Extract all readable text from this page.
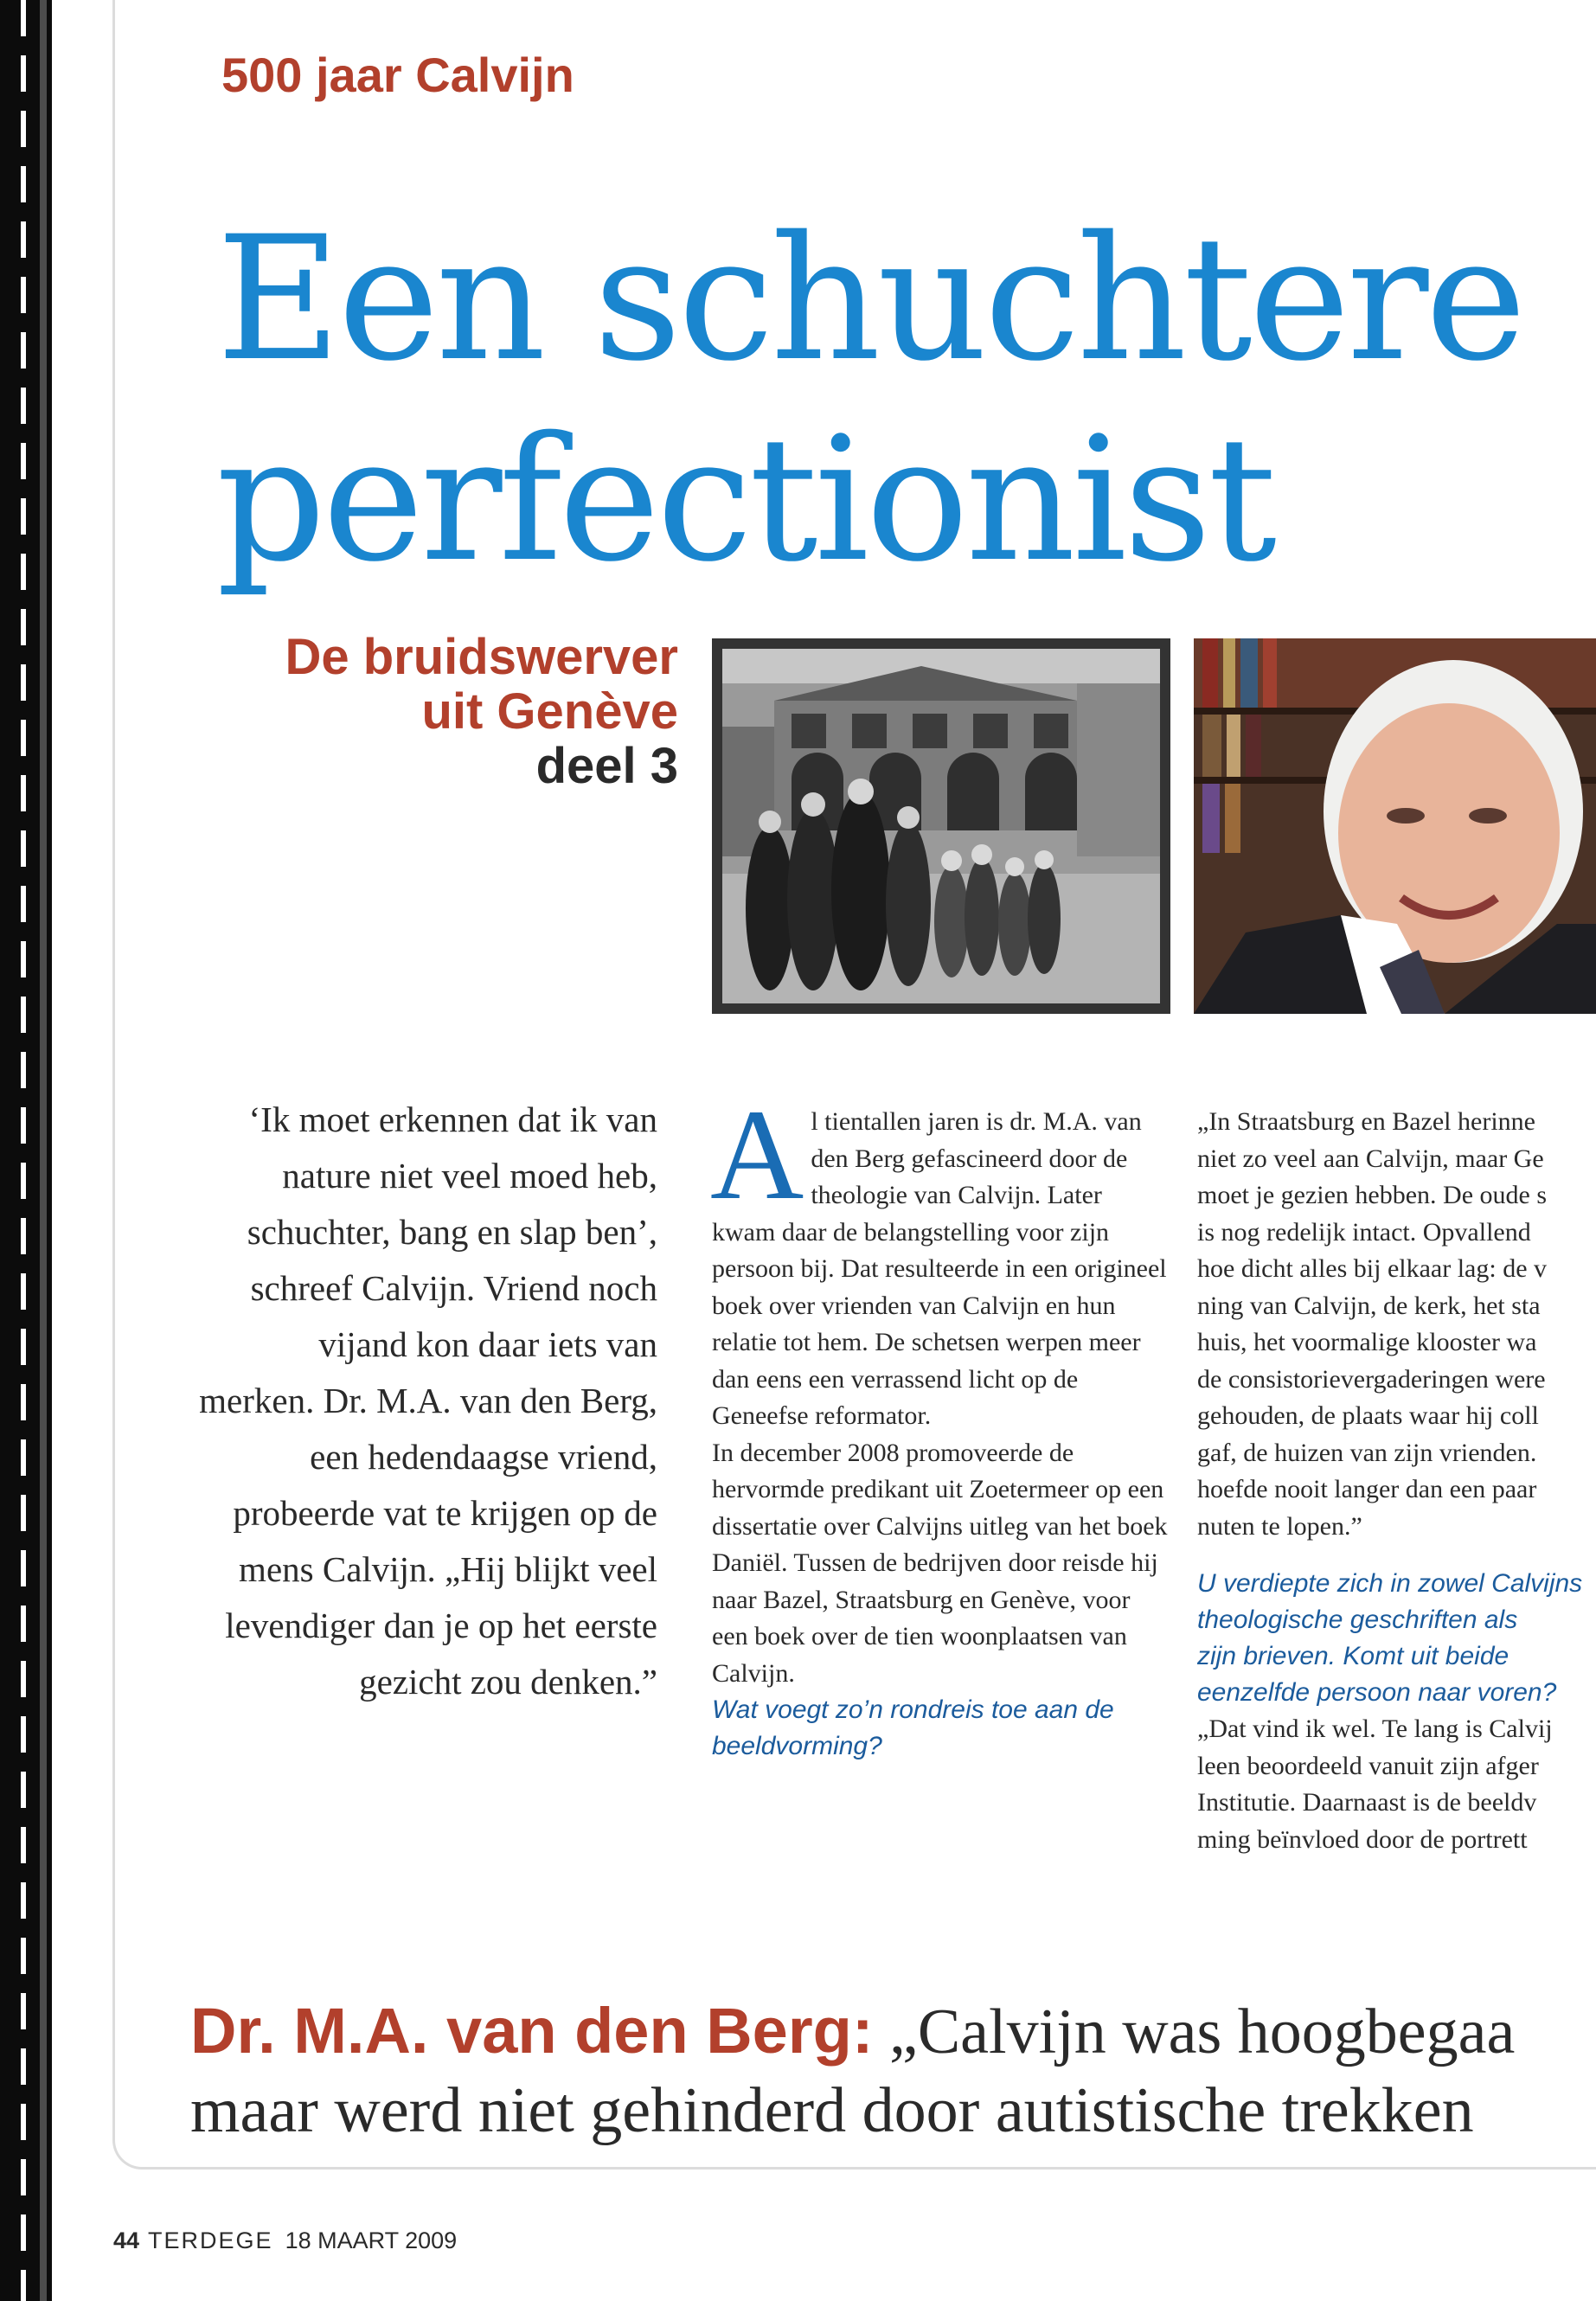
500 jaar Calvijn

Een schuchtere
perfectionist
De bruidswerver
uit Genève
deel 3

‘Ik moet erkennen dat ik van nature niet veel moed heb, schuchter, bang en slap ben’, schreef Calvijn. Vriend noch vijand kon daar iets van merken. Dr. M.A. van den Berg, een hedendaagse vriend, probeerde vat te krijgen op de mens Calvijn. „Hij blijkt veel levendiger dan je op het eerste gezicht zou denken.”

Al tientallen jaren is dr. M.A. van den Berg gefascineerd door de theologie van Calvijn. Later kwam daar de belangstelling voor zijn persoon bij. Dat resulteerde in een origineel boek over vrienden van Calvijn en hun relatie tot hem. De schetsen werpen meer dan eens een verrassend licht op de Geneefse reformator.

In december 2008 promoveerde de hervormde predikant uit Zoetermeer op een dissertatie over Calvijns uitleg van het boek Daniël. Tussen de bedrijven door reisde hij naar Bazel, Straatsburg en Genève, voor een boek over de tien woonplaatsen van Calvijn.

Wat voegt zo’n rondreis toe aan de beeldvorming?

„In Straatsburg en Bazel herinne
niet zo veel aan Calvijn, maar Ge
moet je gezien hebben. De oude s
is nog redelijk intact. Opvallend
hoe dicht alles bij elkaar lag: de v
ning van Calvijn, de kerk, het sta
huis, het voormalige klooster wa
de consistorievergaderingen were
gehouden, de plaats waar hij coll
gaf, de huizen van zijn vrienden.
hoefde nooit langer dan een paar
nuten te lopen.”
U verdiepte zich in zowel Calvijns
theologische geschriften als
zijn brieven. Komt uit beide
eenzelfde persoon naar voren?
„Dat vind ik wel. Te lang is Calvij
leen beoordeeld vanuit zijn afger
Institutie. Daarnaast is de beeldv
ming beïnvloed door de portrett

Dr. M.A. van den Berg: „Calvijn was hoogbegaa
maar werd niet gehinderd door autistische trekken

44 TERDEGE 18 MAART 2009
